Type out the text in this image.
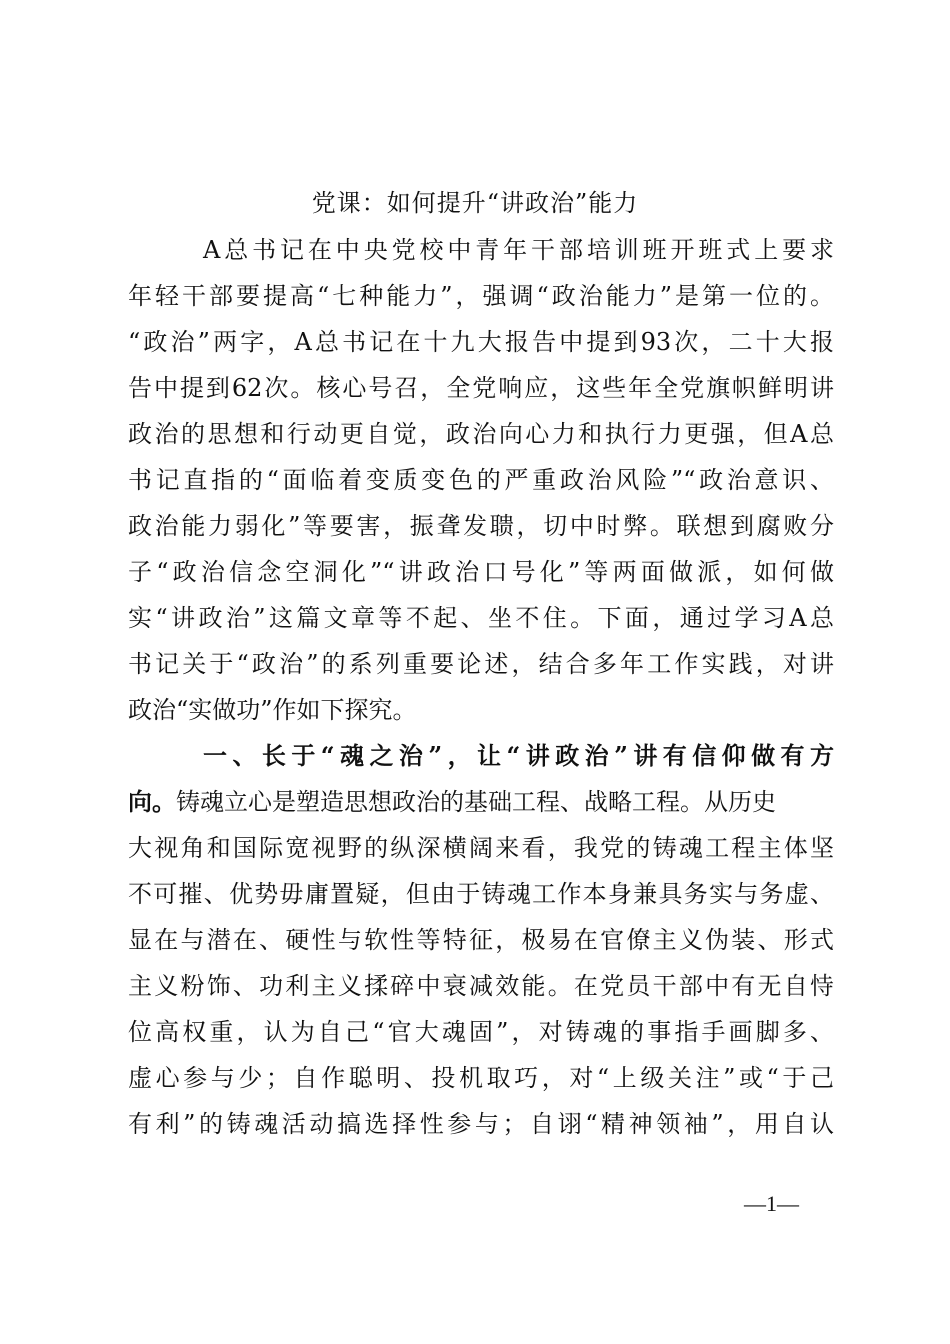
党课：如何提升“讲政治”能力
A总书记在中央党校中青年干部培训班开班式上要求
年轻干部要提高“七种能力”，强调“政治能力”是第一位的。
“政治”两字，A总书记在十九大报告中提到93次，二十大报
告中提到62次。核心号召，全党响应，这些年全党旗帜鲜明讲
政治的思想和行动更自觉，政治向心力和执行力更强，但A总
书记直指的“面临着变质变色的严重政治风险”“政治意识、
政治能力弱化”等要害，振聋发聩，切中时弊。联想到腐败分
子“政治信念空洞化”“讲政治口号化”等两面做派，如何做
实“讲政治”这篇文章等不起、坐不住。下面，通过学习A总
书记关于“政治”的系列重要论述，结合多年工作实践，对讲
政治“实做功”作如下探究。
一、长于“魂之治”，让“讲政治”讲有信仰做有方
向。铸魂立心是塑造思想政治的基础工程、战略工程。从历史
大视角和国际宽视野的纵深横阔来看，我党的铸魂工程主体坚
不可摧、优势毋庸置疑，但由于铸魂工作本身兼具务实与务虚、
显在与潜在、硬性与软性等特征，极易在官僚主义伪装、形式
主义粉饰、功利主义揉碎中衰减效能。在党员干部中有无自恃
位高权重，认为自己“官大魂固”，对铸魂的事指手画脚多、
虚心参与少；自作聪明、投机取巧，对“上级关注”或“于己
有利”的铸魂活动搞选择性参与；自诩“精神领袖”，用自认
—1—
